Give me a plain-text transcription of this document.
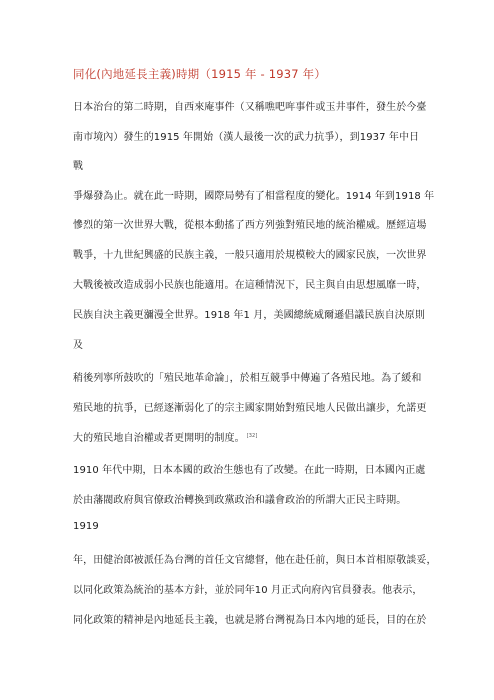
同化(內地延長主義)時期（1915 年 - 1937 年）
日本治台的第二時期，自西來庵事件（又稱噍吧哖事件或玉井事件，發生於今臺
南市境內）發生的1915 年開始（漢人最後一次的武力抗爭），到1937 年中日
戰
爭爆發為止。就在此一時期，國際局勢有了相當程度的變化。1914 年到1918 年
慘烈的第一次世界大戰，從根本動搖了西方列強對殖民地的統治權威。歷經這場
戰爭，十九世紀興盛的民族主義，一般只適用於規模較大的國家民族，一次世界
大戰後被改造成弱小民族也能適用。在這種情況下，民主與自由思想風靡一時，
民族自決主義更瀰漫全世界。1918 年1 月，美國總統威爾遜倡議民族自決原則
及
稍後列寧所鼓吹的「殖民地革命論」，於相互競爭中傳遍了各殖民地。為了緩和
殖民地的抗爭，已經逐漸弱化了的宗主國家開始對殖民地人民做出讓步，允諾更
大的殖民地自治權或者更開明的制度。 [32]
1910 年代中期，日本本國的政治生態也有了改變。在此一時期，日本國內正處
於由藩閥政府與官僚政治轉換到政黨政治和議會政治的所謂大正民主時期。
1919
年，田健治郎被派任為台灣的首任文官總督，他在赴任前，與日本首相原敬談妥，
以同化政策為統治的基本方針，並於同年10 月正式向府內官員發表。他表示，
同化政策的精神是內地延長主義，也就是將台灣視為日本內地的延長，目的在於
